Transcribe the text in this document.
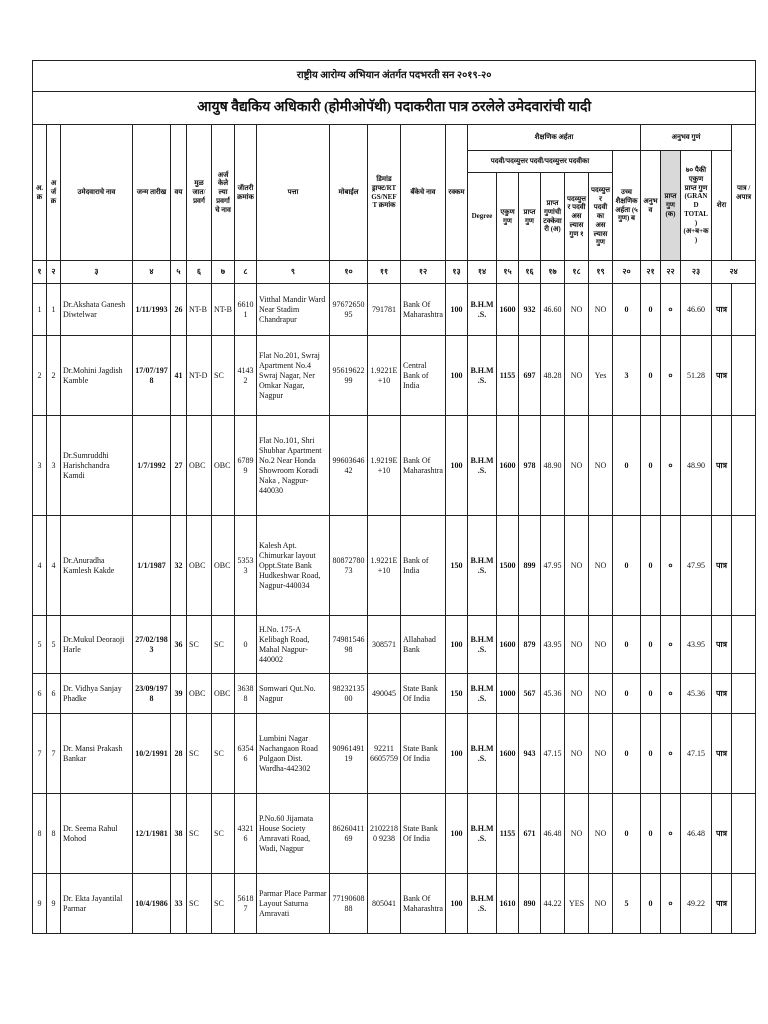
राष्ट्रीय आरोग्य अभियान अंतर्गत पदभरती सन २०१९-२०																								
आयुष वैद्यकिय अधिकारी (होमीओपॅथी) पदाकरीता पात्र ठरलेले उमेदवारांची यादी																								
अ. क्र	अर्ज क्र	उमेदवाराचे नाव	जन्म तारीख	वय	मुळ जात/प्रवर्ग	अर्ज केलेल्या प्रवर्गाचे नाव	जॅातरी क्रमांक	पत्ता	मोबाईल	डिमांड ड्राफ्ट/RTGS/NEFT क्रमांक	बॅंकेचे नाव	रक्कम	शैक्षणिक अर्हता							अनुभव गुणं				पात्र /अपात्र
													पदवी/पदव्युत्तर पदवी/पदव्युत्तर पदवीका						उच्च शैक्षणिक अर्हता (५ गुण) ब	अनुभव	प्राप्त गुण (क)	७० पैकी एकुण प्राप्त गुण (GRAND TOTAL) (अ+ब+क)	शेरा	
													Degree	एकुण गुण	प्राप्त गुण	प्राप्त गुणांची टक्केवारी (अ)	पदव्युत्तर पदवी असल्यास गुण १	पदव्युत्तर पदवीका असल्यास गुण						
१	२	३	४	५	६	७	८	९	१०	११	१२	१३	१४	१५	१६	१७	१८	१९	२०	२१	२२	२३	२४	
1	1	Dr.Akshata Ganesh Diwtelwar	1/11/1993	26	NT-B	NT-B	66101	Vitthal Mandir Ward Near Stadim Chandrapur	9767265095	791781	Bank Of Maharashtra	100	B.H.M.S.	1600	932	46.60	NO	NO	0	0	०	46.60	पात्र	
2	2	Dr.Mohini Jagdish Kamble	17/07/1978	41	NT-D	SC	41432	Flat No.201, Swraj Apartment No.4 Swraj Nagar, Ner Omkar Nagar, Nagpur	9561962299	1.9221E+10	Central Bank of India	100	B.H.M.S.	1155	697	48.28	NO	Yes	3	0	०	51.28	पात्र	
3	3	Dr.Sumruddhi Harishchandra Kamdi	1/7/1992	27	OBC	OBC	67899	Flat No.101, Shri Shubhar Apartment No.2 Near Honda Showroom Koradi Naka , Nagpur-440030	9960364642	1.9219E+10	Bank Of Maharashtra	100	B.H.M.S.	1600	978	48.90	NO	NO	0	0	०	48.90	पात्र	
4	4	Dr.Anuradha Kamlesh Kakde	1/1/1987	32	OBC	OBC	53533	Kalesh Apt. Chimurkar layout Oppt.State Bank Hudkeshwar Road, Nagpur-440034	8087278073	1.9221E+10	Bank of India	150	B.H.M.S.	1500	899	47.95	NO	NO	0	0	०	47.95	पात्र	
5	5	Dr.Mukul Deoraoji Harle	27/02/1983	36	SC	SC	0	H.No. 175-A Kelibagh Road, Mahal Nagpur-440002	7498154698	308571	Allahabad Bank	100	B.H.M.S.	1600	879	43.95	NO	NO	0	0	०	43.95	पात्र	
6	6	Dr. Vidhya Sanjay Phadke	23/09/1978	39	OBC	OBC	36388	Somwari Qut.No. Nagpur	9823213500	490045	State Bank Of India	150	B.H.M.S.	1000	567	45.36	NO	NO	0	0	०	45.36	पात्र	
7	7	Dr. Mansi Prakash Bankar	10/2/1991	28	SC	SC	63546	Lumbini Nagar Nachangaon Road Pulgaon Dist. Wardha-442302	9096149119	92211 6605759	State Bank Of India	100	B.H.M.S.	1600	943	47.15	NO	NO	0	0	०	47.15	पात्र	
8	8	Dr. Seema Rahul Mohod	12/1/1981	38	SC	SC	43216	P.No.60 Jijamata House Society Amravati Road, Wadi, Nagpur	8626041169	21022180 9238	State Bank Of India	100	B.H.M.S.	1155	671	46.48	NO	NO	0	0	०	46.48	पात्र	
9	9	Dr. Ekta Jayantilal Parmar	10/4/1986	33	SC	SC	56187	Parmar Place Parmar Layout Saturna Amravati	7719060888	805041	Bank Of Maharashtra	100	B.H.M.S.	1610	890	44.22	YES	NO	5	0	०	49.22	पात्र	
